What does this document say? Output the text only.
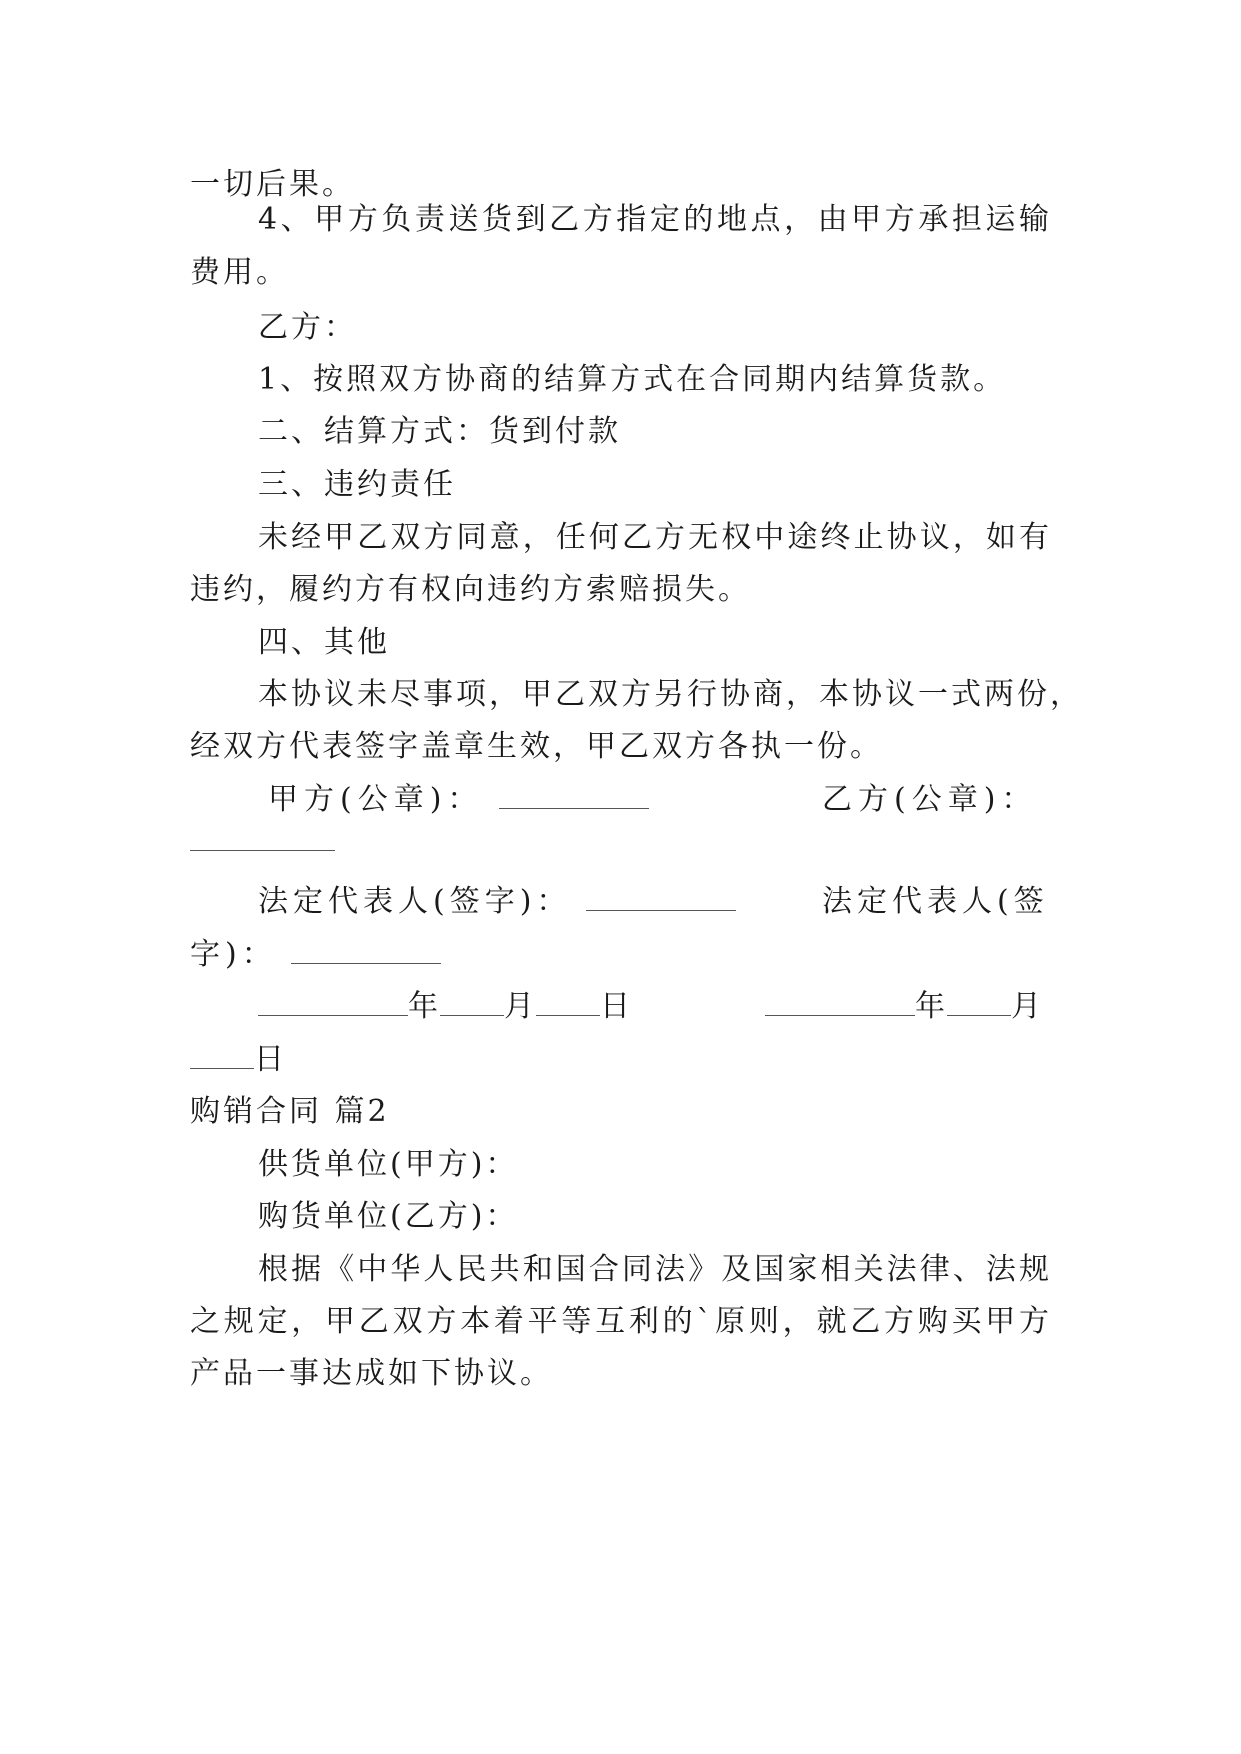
一切后果。
4、甲方负责送货到乙方指定的地点，由甲方承担运输
费用。
乙方：
1、按照双方协商的结算方式在合同期内结算货款。
二、结算方式：货到付款
三、违约责任
未经甲乙双方同意，任何乙方无权中途终止协议，如有
违约，履约方有权向违约方索赔损失。
四、其他
本协议未尽事项，甲乙双方另行协商，本协议一式两份，
经双方代表签字盖章生效，甲乙双方各执一份。
甲方(公章)：	乙方(公章)：
法定代表人(签字)：	法定代表人(签
字)：
年 月 日	年 月
日
购销合同 篇2
供货单位(甲方)：
购货单位(乙方)：
根据《中华人民共和国合同法》及国家相关法律、法规
之规定，甲乙双方本着平等互利的`原则，就乙方购买甲方
产品一事达成如下协议。
